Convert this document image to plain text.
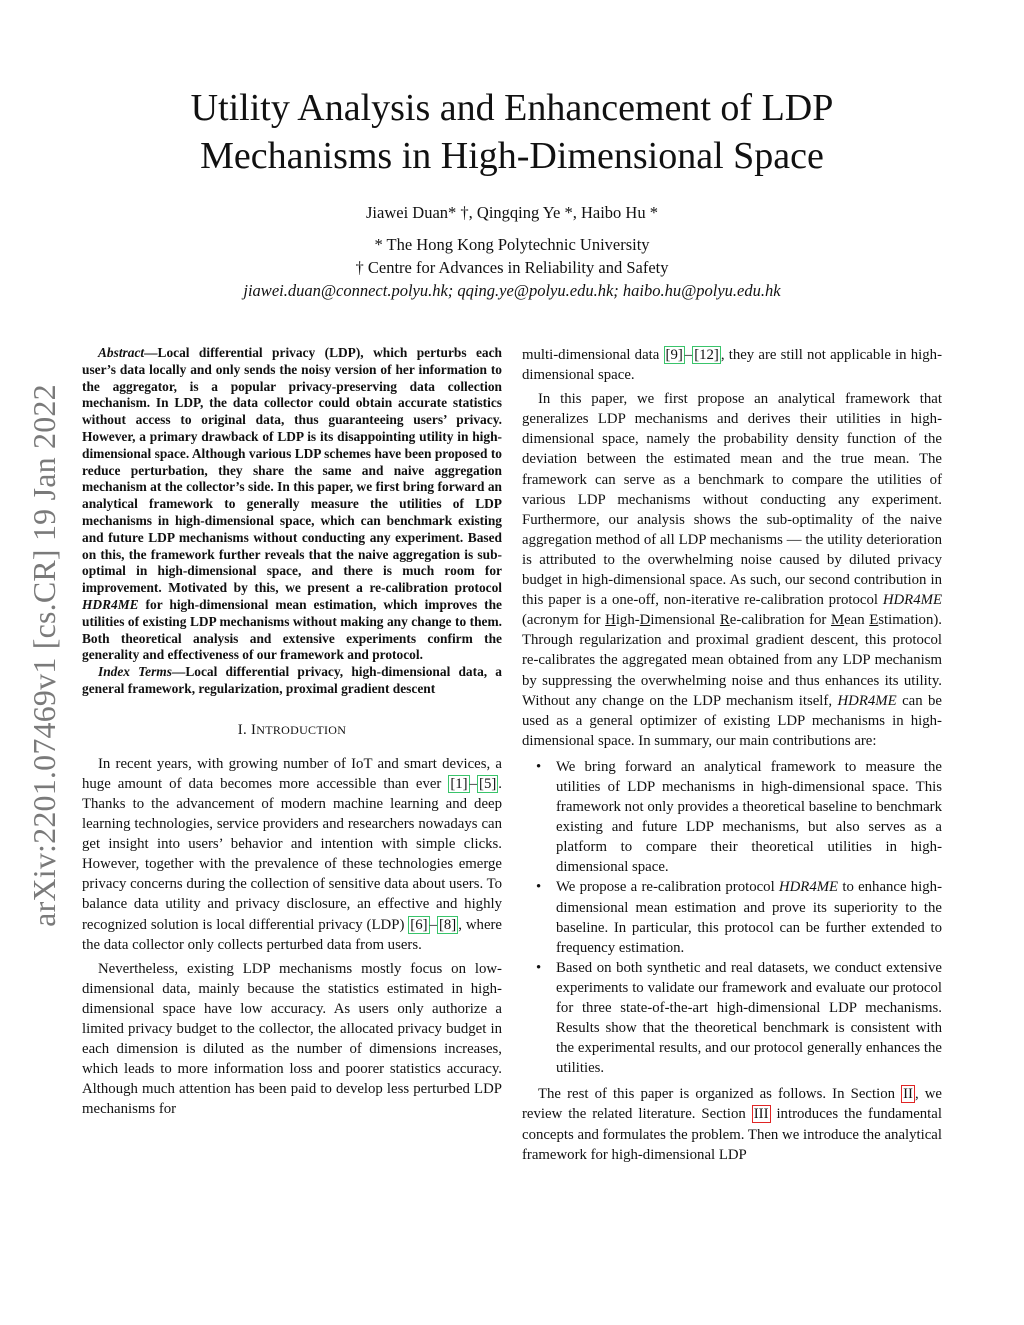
arXiv:2201.07469v1 [cs.CR] 19 Jan 2022
Utility Analysis and Enhancement of LDP
Mechanisms in High-Dimensional Space
Jiawei Duan* †, Qingqing Ye *, Haibo Hu *
* The Hong Kong Polytechnic University
† Centre for Advances in Reliability and Safety
jiawei.duan@connect.polyu.hk; qqing.ye@polyu.edu.hk; haibo.hu@polyu.edu.hk

Abstract—Local differential privacy (LDP), which perturbs each user’s data locally and only sends the noisy version of her information to the aggregator, is a popular privacy-preserving data collection mechanism. In LDP, the data collector could obtain accurate statistics without access to original data, thus guaranteeing users’ privacy. However, a primary drawback of LDP is its disappointing utility in high-dimensional space. Although various LDP schemes have been proposed to reduce perturbation, they share the same and naive aggregation mechanism at the collector’s side. In this paper, we first bring forward an analytical framework to generally measure the utilities of LDP mechanisms in high-dimensional space, which can benchmark existing and future LDP mechanisms without conducting any experiment. Based on this, the framework further reveals that the naive aggregation is sub-optimal in high-dimensional space, and there is much room for improvement. Motivated by this, we present a re-calibration protocol HDR4ME for high-dimensional mean estimation, which improves the utilities of existing LDP mechanisms without making any change to them. Both theoretical analysis and extensive experiments confirm the generality and effectiveness of our framework and protocol.

Index Terms—Local differential privacy, high-dimensional data, a general framework, regularization, proximal gradient descent

I. INTRODUCTION

In recent years, with growing number of IoT and smart devices, a huge amount of data becomes more accessible than ever [1] – [5] . Thanks to the advancement of modern machine learning and deep learning technologies, service providers and researchers nowadays can get insight into users’ behavior and intention with simple clicks. However, together with the prevalence of these technologies emerge privacy concerns during the collection of sensitive data about users. To balance data utility and privacy disclosure, an effective and highly recognized solution is local differential privacy (LDP) [6] – [8] , where the data collector only collects perturbed data from users.

Nevertheless, existing LDP mechanisms mostly focus on low-dimensional data, mainly because the statistics estimated in high-dimensional space have low accuracy. As users only authorize a limited privacy budget to the collector, the allocated privacy budget in each dimension is diluted as the number of dimensions increases, which leads to more information loss and poorer statistics accuracy. Although much attention has been paid to develop less perturbed LDP mechanisms for

multi-dimensional data [9] – [12] , they are still not applicable in high-dimensional space.

In this paper, we first propose an analytical framework that generalizes LDP mechanisms and derives their utilities in high-dimensional space, namely the probability density function of the deviation between the estimated mean and the true mean. The framework can serve as a benchmark to compare the utilities of various LDP mechanisms without conducting any experiment. Furthermore, our analysis shows the sub-optimality of the naive aggregation method of all LDP mechanisms — the utility deterioration is attributed to the overwhelming noise caused by diluted privacy budget in high-dimensional space. As such, our second contribution in this paper is a one-off, non-iterative re-calibration protocol HDR4ME (acronym for High-Dimensional Re-calibration for Mean Estimation). Through regularization and proximal gradient descent, this protocol re-calibrates the aggregated mean obtained from any LDP mechanism by suppressing the overwhelming noise and thus enhances its utility. Without any change on the LDP mechanism itself, HDR4ME can be used as a general optimizer of existing LDP mechanisms in high-dimensional space. In summary, our main contributions are:

• We bring forward an analytical framework to measure the utilities of LDP mechanisms in high-dimensional space. This framework not only provides a theoretical baseline to benchmark existing and future LDP mechanisms, but also serves as a platform to compare their theoretical utilities in high-dimensional space.
• We propose a re-calibration protocol HDR4ME to enhance high-dimensional mean estimation and prove its superiority to the baseline. In particular, this protocol can be further extended to frequency estimation.
• Based on both synthetic and real datasets, we conduct extensive experiments to validate our framework and evaluate our protocol for three state-of-the-art high-dimensional LDP mechanisms. Results show that the theoretical benchmark is consistent with the experimental results, and our protocol generally enhances the utilities.

The rest of this paper is organized as follows. In Section II , we review the related literature. Section III introduces the fundamental concepts and formulates the problem. Then we introduce the analytical framework for high-dimensional LDP
